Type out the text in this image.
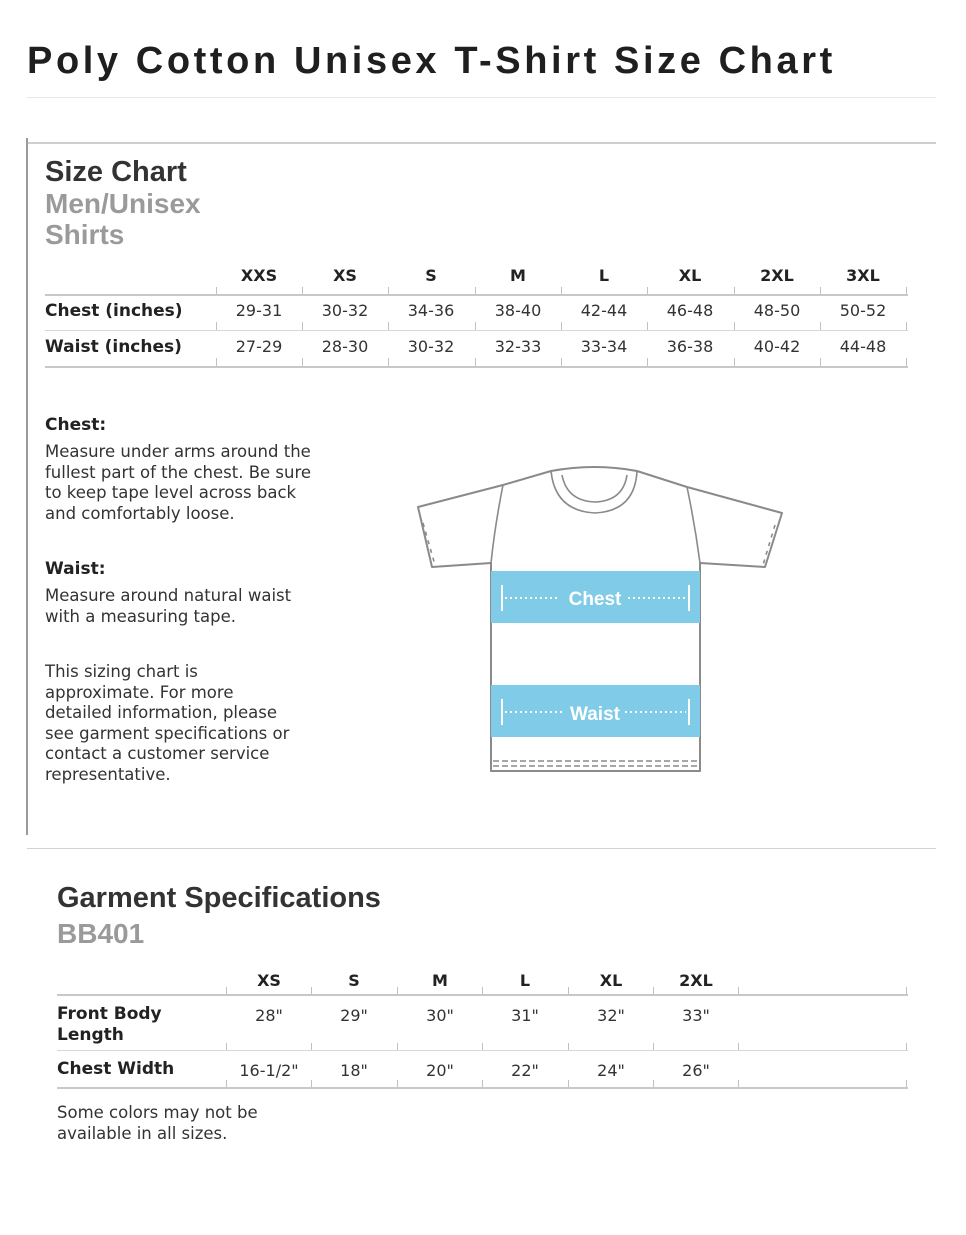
Poly Cotton Unisex T-Shirt Size Chart
Size Chart
Men/Unisex
Shirts
XXS	XS	S	M	L	XL	2XL	3XL
Chest (inches)	29-31	30-32	34-36	38-40	42-44	46-48	48-50	50-52
Waist (inches)	27-29	28-30	30-32	32-33	33-34	36-38	40-42	44-48
Chest:
Measure under arms around the
fullest part of the chest. Be sure
to keep tape level across back
and comfortably loose.
Waist:
Measure around natural waist
with a measuring tape.
This sizing chart is
approximate. For more
detailed information, please
see garment specifications or
contact a customer service
representative.
Chest
Waist
Garment Specifications
BB401
XS	S	M	L	XL	2XL
Front Body
Length
28"	29"	30"	31"	32"	33"
Chest Width	16-1/2"	18"	20"	22"	24"	26"
Some colors may not be
available in all sizes.
